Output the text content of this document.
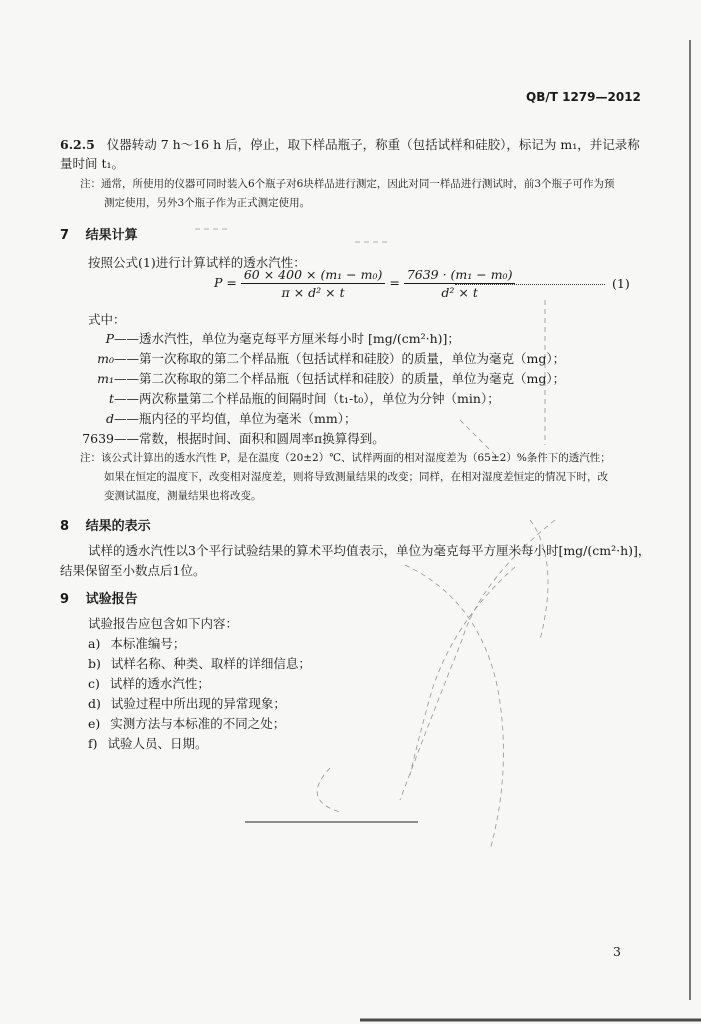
QB/T 1279—2012
6.2.5 仪器转动 7 h～16 h 后，停止，取下样品瓶子，称重（包括试样和硅胶），标记为 m₁，并记录称
量时间 t₁。
注：通常，所使用的仪器可同时装入6个瓶子对6块样品进行测定，因此对同一样品进行测试时，前3个瓶子可作为预
测定使用，另外3个瓶子作为正式测定使用。
7 结果计算
按照公式(1)进行计算试样的透水汽性：
$P = \frac{\text{60 × 400 × (m₁ − m₀)}}{\text{π × d² × t}} = \frac{\text{7639 · (m₁ − m₀)}}{\text{d² × t}}$	(1)
式中：
P——透水汽性，单位为毫克每平方厘米每小时 [mg/(cm²·h)]；
m₀——第一次称取的第二个样品瓶（包括试样和硅胶）的质量，单位为毫克（mg）；
m₁——第二次称取的第二个样品瓶（包括试样和硅胶）的质量，单位为毫克（mg）；
t——两次称量第二个样品瓶的间隔时间（t₁-t₀），单位为分钟（min）；
d——瓶内径的平均值，单位为毫米（mm）；
7639——常数，根据时间、面积和圆周率π换算得到。
注：该公式计算出的透水汽性 P，是在温度（20±2）℃、试样两面的相对湿度差为（65±2）%条件下的透汽性；
如果在恒定的温度下，改变相对湿度差，则将导致测量结果的改变；同样，在相对湿度差恒定的情况下时，改
变测试温度，测量结果也将改变。
8 结果的表示
试样的透水汽性以3个平行试验结果的算术平均值表示，单位为毫克每平方厘米每小时[mg/(cm²·h)]，
结果保留至小数点后1位。
9 试验报告
试验报告应包含如下内容：
a) 本标准编号；
b) 试样名称、种类、取样的详细信息；
c) 试样的透水汽性；
d) 试验过程中所出现的异常现象；
e) 实测方法与本标准的不同之处；
f) 试验人员、日期。
3
